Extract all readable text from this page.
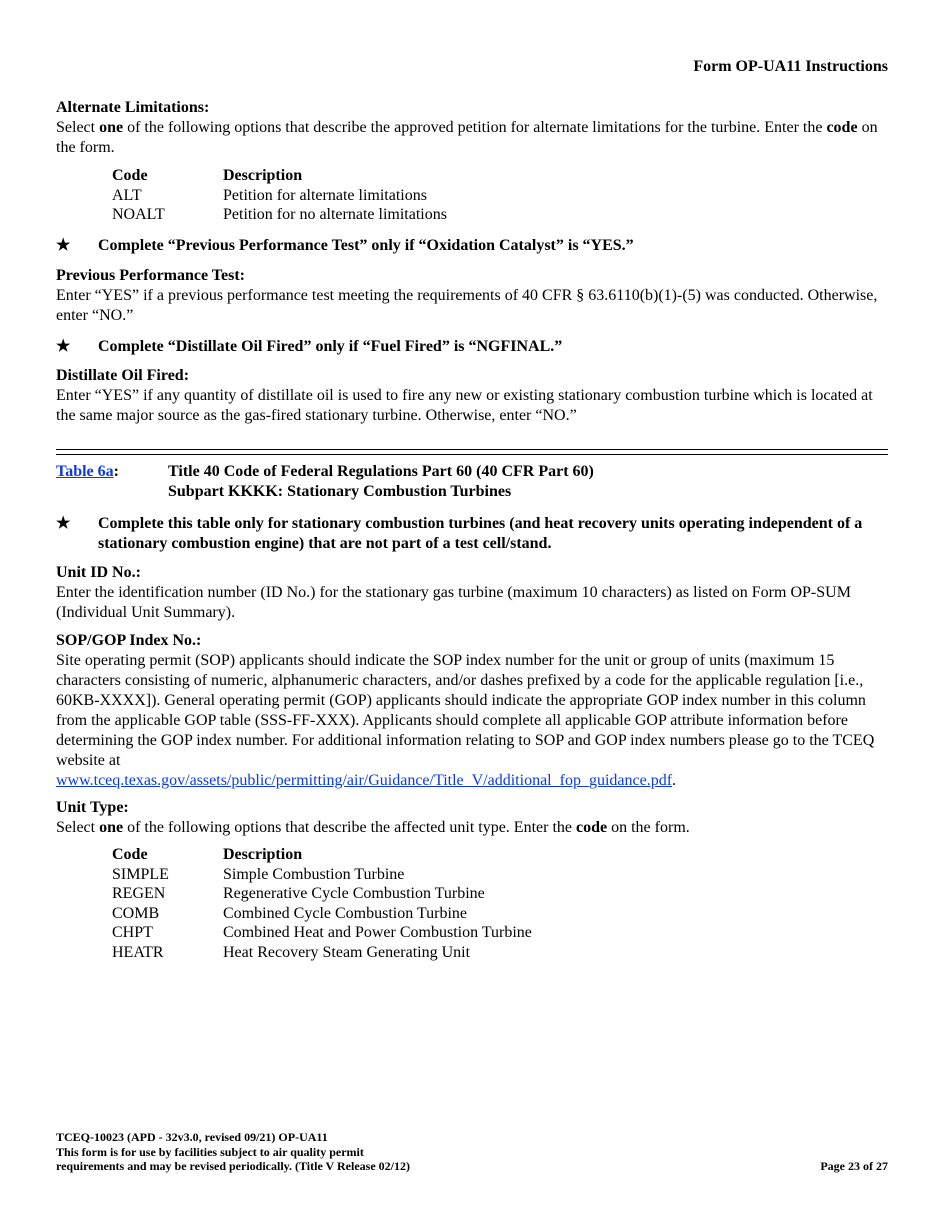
Form OP-UA11 Instructions

Alternate Limitations:

Select one of the following options that describe the approved petition for alternate limitations for the turbine. Enter the code on the form.

Code	Description
ALT	Petition for alternate limitations
NOALT	Petition for no alternate limitations
★ Complete “Previous Performance Test” only if “Oxidation Catalyst” is “YES.”

Previous Performance Test:

Enter “YES” if a previous performance test meeting the requirements of 40 CFR § 63.6110(b)(1)-(5) was conducted. Otherwise, enter “NO.”

★ Complete “Distillate Oil Fired” only if “Fuel Fired” is “NGFINAL.”

Distillate Oil Fired:

Enter “YES” if any quantity of distillate oil is used to fire any new or existing stationary combustion turbine which is located at the same major source as the gas-fired stationary turbine. Otherwise, enter “NO.”

Table 6a:	Title 40 Code of Federal Regulations Part 60 (40 CFR Part 60)

Subpart KKKK: Stationary Combustion Turbines

★ Complete this table only for stationary combustion turbines (and heat recovery units operating independent of a stationary combustion engine) that are not part of a test cell/stand.

Unit ID No.:

Enter the identification number (ID No.) for the stationary gas turbine (maximum 10 characters) as listed on Form OP-SUM (Individual Unit Summary).

SOP/GOP Index No.:

Site operating permit (SOP) applicants should indicate the SOP index number for the unit or group of units (maximum 15 characters consisting of numeric, alphanumeric characters, and/or dashes prefixed by a code for the applicable regulation [i.e., 60KB-XXXX]). General operating permit (GOP) applicants should indicate the appropriate GOP index number in this column from the applicable GOP table (SSS-FF-XXX). Applicants should complete all applicable GOP attribute information before determining the GOP index number. For additional information relating to SOP and GOP index numbers please go to the TCEQ website at

www.tceq.texas.gov/assets/public/permitting/air/Guidance/Title_V/additional_fop_guidance.pdf.

Unit Type:

Select one of the following options that describe the affected unit type. Enter the code on the form.

Code	Description
SIMPLE	Simple Combustion Turbine
REGEN	Regenerative Cycle Combustion Turbine
COMB	Combined Cycle Combustion Turbine
CHPT	Combined Heat and Power Combustion Turbine
HEATR	Heat Recovery Steam Generating Unit
TCEQ-10023 (APD - 32v3.0, revised 09/21) OP-UA11
This form is for use by facilities subject to air quality permit
requirements and may be revised periodically. (Title V Release 02/12)	Page 23 of 27
